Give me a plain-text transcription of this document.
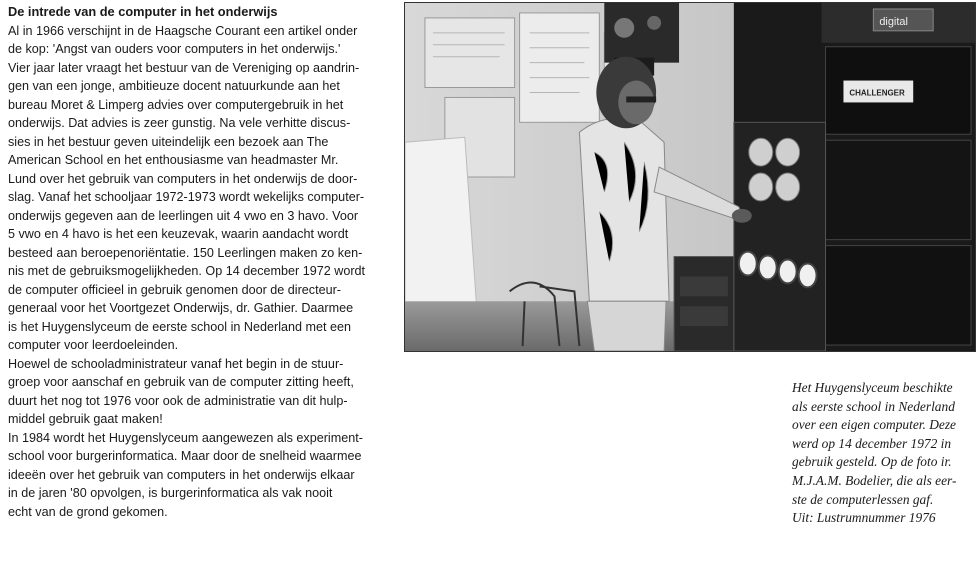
De intrede van de computer in het onderwijs
Al in 1966 verschijnt in de Haagsche Courant een artikel onder
de kop: 'Angst van ouders voor computers in het onderwijs.'
Vier jaar later vraagt het bestuur van de Vereniging op aandrin-
gen van een jonge, ambitieuze docent natuurkunde aan het
bureau Moret & Limperg advies over computergebruik in het
onderwijs. Dat advies is zeer gunstig. Na vele verhitte discus-
sies in het bestuur geven uiteindelijk een bezoek aan The
American School en het enthousiasme van headmaster Mr.
Lund over het gebruik van computers in het onderwijs de door-
slag. Vanaf het schooljaar 1972-1973 wordt wekelijks computer-
onderwijs gegeven aan de leerlingen uit 4 vwo en 3 havo. Voor
5 vwo en 4 havo is het een keuzevak, waarin aandacht wordt
besteed aan beroepenoriëntatie. 150 Leerlingen maken zo ken-
nis met de gebruiksmogelijkheden. Op 14 december 1972 wordt
de computer officieel in gebruik genomen door de directeur-
generaal voor het Voortgezet Onderwijs, dr. Gathier. Daarmee
is het Huygenslyceum de eerste school in Nederland met een
computer voor leerdoeleinden.
Hoewel de schooladministrateur vanaf het begin in de stuur-
groep voor aanschaf en gebruik van de computer zitting heeft,
duurt het nog tot 1976 voor ook de administratie van dit hulp-
middel gebruik gaat maken!
In 1984 wordt het Huygenslyceum aangewezen als experiment-
school voor burgerinformatica. Maar door de snelheid waarmee
ideeën over het gebruik van computers in het onderwijs elkaar
in de jaren '80 opvolgen, is burgerinformatica als vak nooit
echt van de grond gekomen.
digital
CHALLENGER
Het Huygenslyceum beschikte
als eerste school in Nederland
over een eigen computer. Deze
werd op 14 december 1972 in
gebruik gesteld. Op de foto ir.
M.J.A.M. Bodelier, die als eer-
ste de computerlessen gaf.
Uit: Lustrumnummer 1976
